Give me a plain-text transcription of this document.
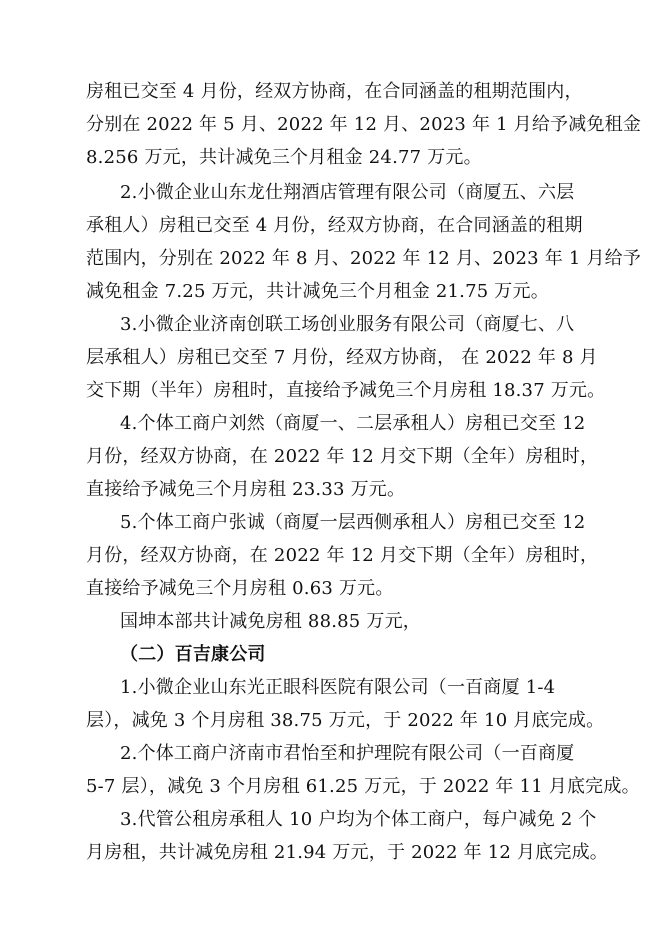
房租已交至 4 月份，经双方协商，在合同涵盖的租期范围内，
分别在 2022 年 5 月、2022 年 12 月、2023 年 1 月给予减免租金
8.256 万元，共计减免三个月租金 24.77 万元。
2.小微企业山东龙仕翔酒店管理有限公司（商厦五、六层
承租人）房租已交至 4 月份，经双方协商，在合同涵盖的租期
范围内，分别在 2022 年 8 月、2022 年 12 月、2023 年 1 月给予
减免租金 7.25 万元，共计减免三个月租金 21.75 万元。
3.小微企业济南创联工场创业服务有限公司（商厦七、八
层承租人）房租已交至 7 月份，经双方协商， 在 2022 年 8 月
交下期（半年）房租时，直接给予减免三个月房租 18.37 万元。
4.个体工商户刘然（商厦一、二层承租人）房租已交至 12
月份，经双方协商，在 2022 年 12 月交下期（全年）房租时，
直接给予减免三个月房租 23.33 万元。
5.个体工商户张诚（商厦一层西侧承租人）房租已交至 12
月份，经双方协商，在 2022 年 12 月交下期（全年）房租时，
直接给予减免三个月房租 0.63 万元。
国坤本部共计减免房租 88.85 万元，
（二）百吉康公司
1.小微企业山东光正眼科医院有限公司（一百商厦 1-4
层），减免 3 个月房租 38.75 万元，于 2022 年 10 月底完成。
2.个体工商户济南市君怡至和护理院有限公司（一百商厦
5-7 层），减免 3 个月房租 61.25 万元，于 2022 年 11 月底完成。
3.代管公租房承租人 10 户均为个体工商户，每户减免 2 个
月房租，共计减免房租 21.94 万元，于 2022 年 12 月底完成。
